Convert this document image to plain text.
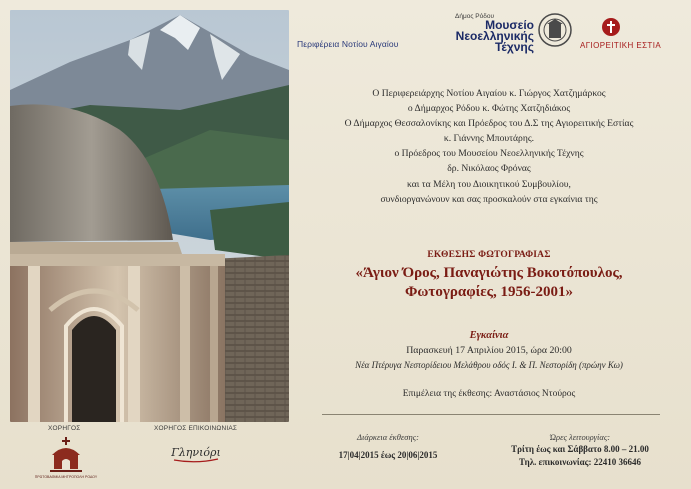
Περιφέρεια Νοτίου Αιγαίου
Δήμος Ρόδου
Μουσείο
Νεοελληνικής
Τέχνης	ΑΓΙΟΡΕΙΤΙΚΗ ΕΣΤΙΑ
Ο Περιφερειάρχης Νοτίου Αιγαίου κ. Γιώργος Χατζημάρκος
ο Δήμαρχος Ρόδου κ. Φώτης Χατζηδιάκος
Ο Δήμαρχος Θεσσαλονίκης και Πρόεδρος του Δ.Σ της Αγιορειτικής Εστίας
κ. Γιάννης Μπουτάρης.
ο Πρόεδρος του Μουσείου Νεοελληνικής Τέχνης
δρ. Νικόλαος Φρόνας
και τα Μέλη του Διοικητικού Συμβουλίου,
συνδιοργανώνουν και σας προσκαλούν στα εγκαίνια της
ΕΚΘΕΣΗΣ ΦΩΤΟΓΡΑΦΙΑΣ
«Άγιον Όρος, Παναγιώτης Βοκοτόπουλος,
Φωτογραφίες, 1956-2001»
Εγκαίνια
Παρασκευή 17 Απριλίου 2015, ώρα 20:00
Νέα Πτέρυγα Νεστορίδειου Μελάθρου οδός Ι. & Π. Νεστορίδη (πρώην Κω)
Επιμέλεια της έκθεσης: Αναστάσιος Ντούρος
Διάρκεια έκθεσης:
17|04|2015 έως 20|06|2015
Ώρες λειτουργίας:
Τρίτη έως και Σάββατο 8.00 – 21.00
Τηλ. επικοινωνίας: 22410 36646
ΧΟΡΗΓΟΣ	ΧΟΡΗΓΟΣ ΕΠΙΚΟΙΝΩΝΙΑΣ
ΠΡΩΤΟΒΑΘΜΙΑ ΜΗΤΡΟΠΟΛΗ ΡΟΔΟΥ
Γληνιόρι
